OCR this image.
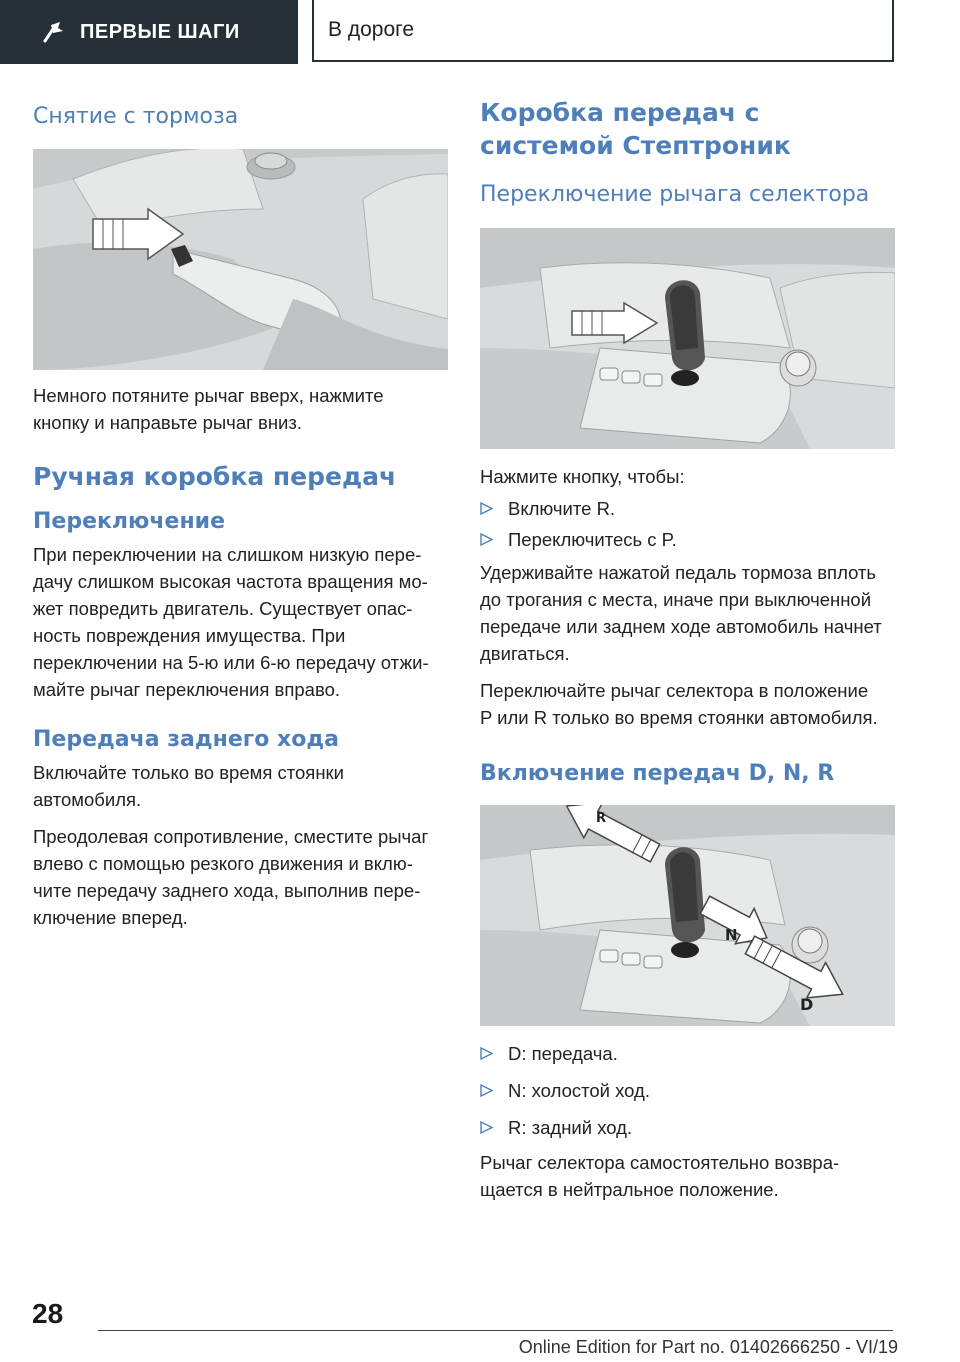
ПЕРВЫЕ ШАГИ	В дороге
Снятие с тормоза

Немного потяните рычаг вверх, нажмите кнопку и направьте рычаг вниз.

Ручная коробка передач
Переключение

При переключении на слишком низкую пере-дачу слишком высокая частота вращения мо-жет повредить двигатель. Существует опас-ность повреждения имущества. При переключении на 5-ю или 6-ю передачу отжи-майте рычаг переключения вправо.

Передача заднего хода

Включайте только во время стоянки автомобиля.

Преодолевая сопротивление, сместите рычаг влево с помощью резкого движения и вклю-чите передачу заднего хода, выполнив пере-ключение вперед.

Коробка передач с системой Стептроник
Переключение рычага селектора

Нажмите кнопку, чтобы:

Включите R.
Переключитесь с P.

Удерживайте нажатой педаль тормоза вплоть до трогания с места, иначе при выключенной передаче или заднем ходе автомобиль начнет двигаться.

Переключайте рычаг селектора в положение P или R только во время стоянки автомобиля.

Включение передач D, N, R
R
N
D
D: передача.
N: холостой ход.
R: задний ход.

Рычаг селектора самостоятельно возвра-щается в нейтральное положение.

28
Online Edition for Part no. 01402666250 - VI/19
